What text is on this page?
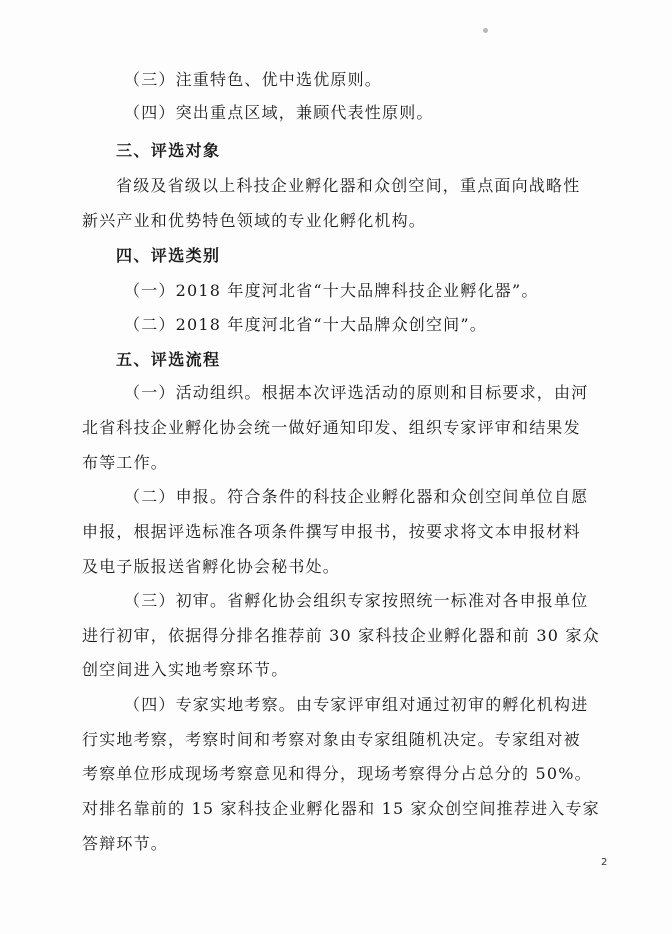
（三）注重特色、优中选优原则。
（四）突出重点区域，兼顾代表性原则。
三、评选对象
省级及省级以上科技企业孵化器和众创空间，重点面向战略性
新兴产业和优势特色领域的专业化孵化机构。
四、评选类别
（一）2018 年度河北省“十大品牌科技企业孵化器”。
（二）2018 年度河北省“十大品牌众创空间”。
五、评选流程
（一）活动组织。根据本次评选活动的原则和目标要求，由河
北省科技企业孵化协会统一做好通知印发、组织专家评审和结果发
布等工作。
（二）申报。符合条件的科技企业孵化器和众创空间单位自愿
申报，根据评选标准各项条件撰写申报书，按要求将文本申报材料
及电子版报送省孵化协会秘书处。
（三）初审。省孵化协会组织专家按照统一标准对各申报单位
进行初审，依据得分排名推荐前 30 家科技企业孵化器和前 30 家众
创空间进入实地考察环节。
（四）专家实地考察。由专家评审组对通过初审的孵化机构进
行实地考察，考察时间和考察对象由专家组随机决定。专家组对被
考察单位形成现场考察意见和得分，现场考察得分占总分的 50%。
对排名靠前的 15 家科技企业孵化器和 15 家众创空间推荐进入专家
答辩环节。
2
